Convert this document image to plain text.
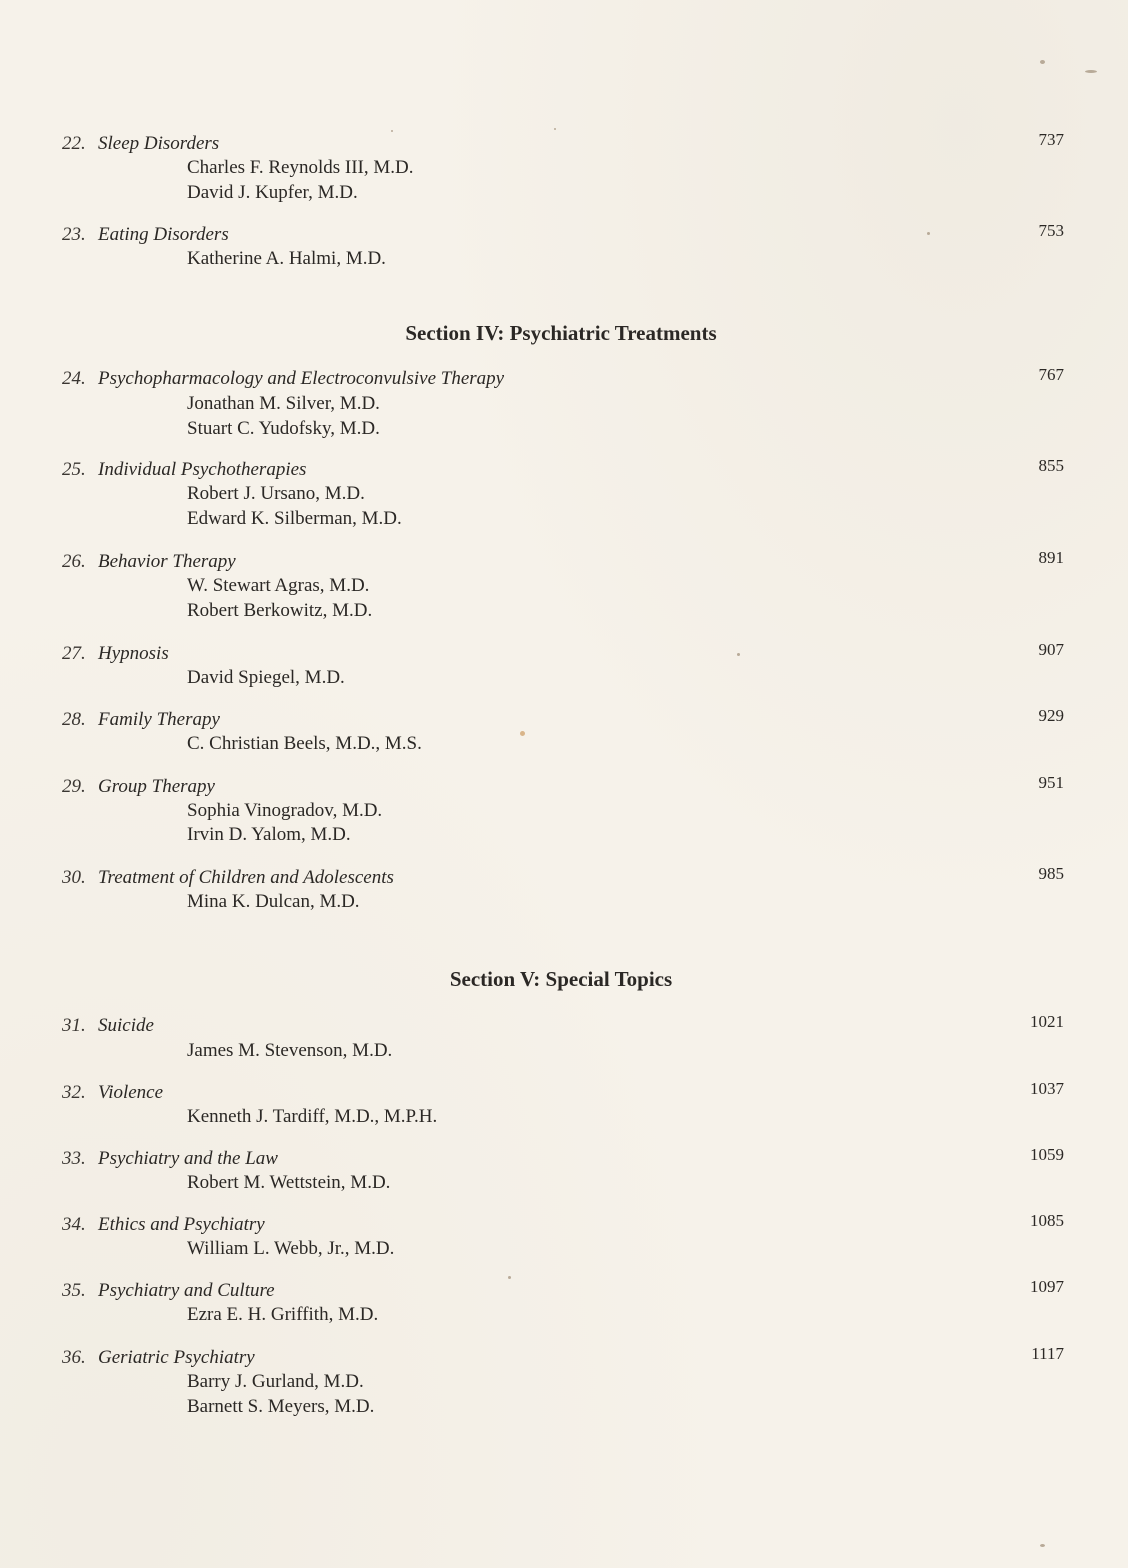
22. Sleep Disorders	737
Charles F. Reynolds III, M.D.
David J. Kupfer, M.D.
23. Eating Disorders	753
Katherine A. Halmi, M.D.
Section IV: Psychiatric Treatments
24. Psychopharmacology and Electroconvulsive Therapy	767
Jonathan M. Silver, M.D.
Stuart C. Yudofsky, M.D.
25. Individual Psychotherapies	855
Robert J. Ursano, M.D.
Edward K. Silberman, M.D.
26. Behavior Therapy	891
W. Stewart Agras, M.D.
Robert Berkowitz, M.D.
27. Hypnosis	907
David Spiegel, M.D.
28. Family Therapy	929
C. Christian Beels, M.D., M.S.
29. Group Therapy	951
Sophia Vinogradov, M.D.
Irvin D. Yalom, M.D.
30. Treatment of Children and Adolescents	985
Mina K. Dulcan, M.D.
Section V: Special Topics
31. Suicide	1021
James M. Stevenson, M.D.
32. Violence	1037
Kenneth J. Tardiff, M.D., M.P.H.
33. Psychiatry and the Law	1059
Robert M. Wettstein, M.D.
34. Ethics and Psychiatry	1085
William L. Webb, Jr., M.D.
35. Psychiatry and Culture	1097
Ezra E. H. Griffith, M.D.
36. Geriatric Psychiatry	1117
Barry J. Gurland, M.D.
Barnett S. Meyers, M.D.
